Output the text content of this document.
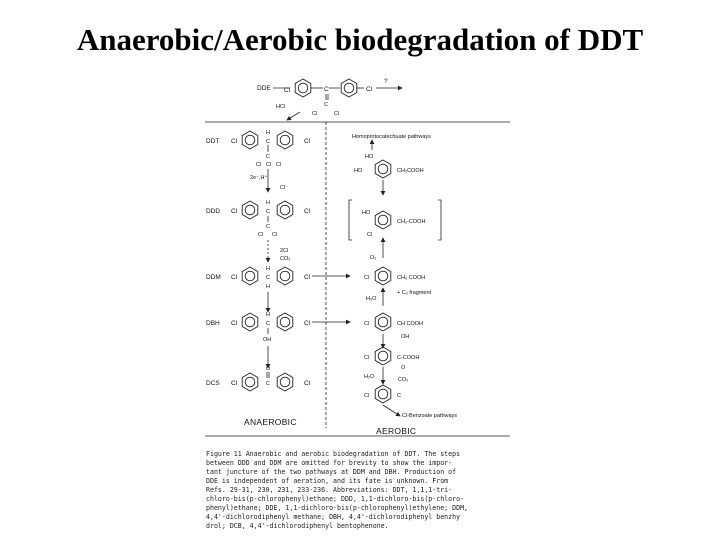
Anaerobic/Aerobic biodegradation of DDT
DDE Cl	C	Cl
C
Cl	Cl
?
HCl
DDT Cl
H
C	Cl
C
Cl Cl Cl
2e⁻,H⁺
Cl⁻
DDD Cl
H
C	Cl
C
Cl Cl
2Cl
CO₂
DDM Cl
H
C
H
Cl
DBH Cl
H
C	Cl
OH
DCS Cl	C
O
Cl
ANAEROBIC
Homoprotocatechuate pathways
HO
HO	CH₂COOH
HO
CH₂-COOH
Cl
O₂
Cl	CH₂ COOH
H₂O
+ C₂ fragment
Cl	CH COOH
OH
Cl	C-COOH
O
H₂O	CO₂
Cl	C
Cl-Benzoate pathways
AEROBIC
Figure 11 Anaerobic and aerobic biodegradation of DDT. The steps
between DDD and DDM are omitted for brevity to show the impor-
tant juncture of the two pathways at DDM and DBH. Production of
DDE is independent of aeration, and its fate is unknown. From
Refs. 29-31, 230, 231, 233-236. Abbreviations: DDT, 1,1,1-tri-
chloro-bis(p-chlorophenyl)ethane; DDD, 1,1-dichloro-bis(p-chloro-
phenyl)ethane; DDE, 1,1-dichloro-bis(p-chlorophenyl)ethylene; DDM,
4,4'-dichlorodiphenyl methane; DBH, 4,4'-dichlorodiphenyl benzhy
drol; DCB, 4,4'-dichlorodiphenyl bentophenone.
